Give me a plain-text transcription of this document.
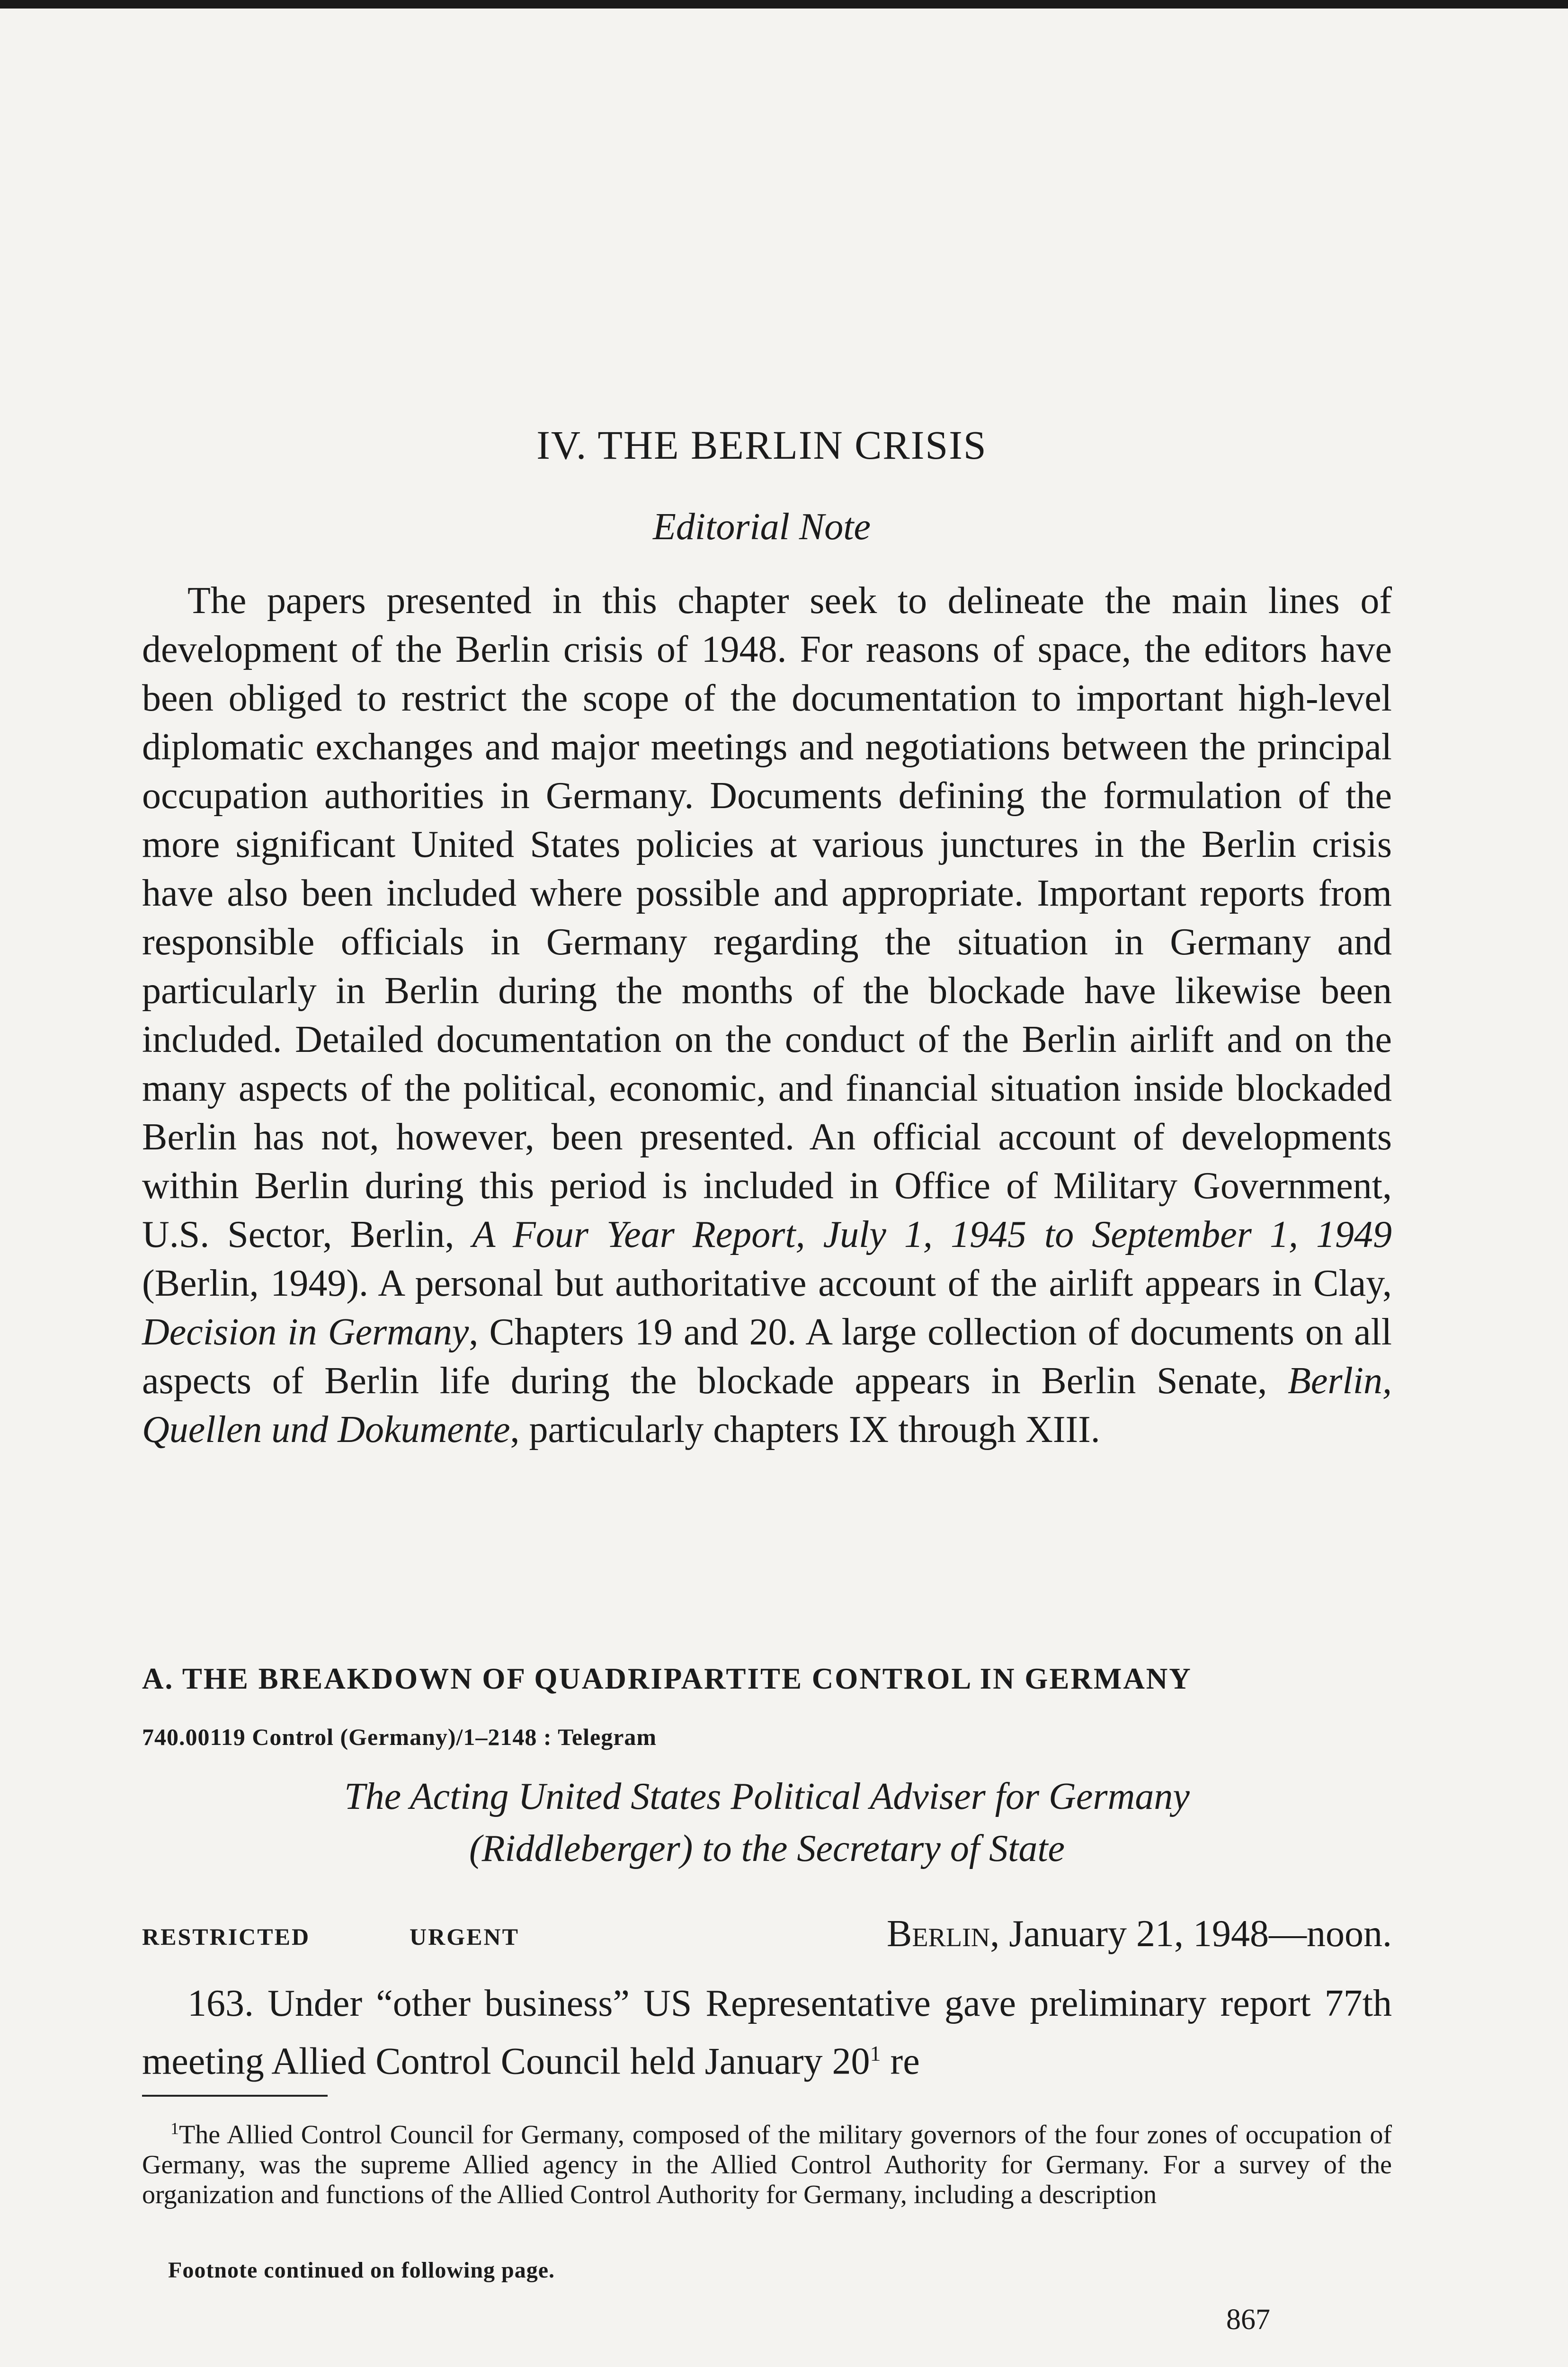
IV. THE BERLIN CRISIS
Editorial Note
The papers presented in this chapter seek to delineate the main lines of development of the Berlin crisis of 1948. For reasons of space, the editors have been obliged to restrict the scope of the documentation to important high-level diplomatic exchanges and major meetings and negotiations between the principal occupation authorities in Germany. Documents defining the formulation of the more significant United States policies at various junctures in the Berlin crisis have also been included where possible and appropriate. Important reports from responsible officials in Germany regarding the situation in Germany and particularly in Berlin during the months of the blockade have likewise been included. Detailed documentation on the conduct of the Berlin airlift and on the many aspects of the political, economic, and financial situation inside blockaded Berlin has not, however, been presented. An official account of developments within Berlin during this period is included in Office of Military Government, U.S. Sector, Berlin, A Four Year Report, July 1, 1945 to September 1, 1949 (Berlin, 1949). A personal but authoritative account of the airlift appears in Clay, Decision in Germany, Chapters 19 and 20. A large collection of documents on all aspects of Berlin life during the blockade appears in Berlin Senate, Berlin, Quellen und Dokumente, particularly chapters IX through XIII.
A. THE BREAKDOWN OF QUADRIPARTITE CONTROL IN GERMANY
740.00119 Control (Germany)/1–2148 : Telegram
The Acting United States Political Adviser for Germany
(Riddleberger) to the Secretary of State
RESTRICTED	URGENT	Berlin, January 21, 1948—noon.
163. Under “other business” US Representative gave preliminary report 77th meeting Allied Control Council held January $20^1$ re
$^1$The Allied Control Council for Germany, composed of the military governors of the four zones of occupation of Germany, was the supreme Allied agency in the Allied Control Authority for Germany. For a survey of the organization and functions of the Allied Control Authority for Germany, including a description
Footnote continued on following page.
867
